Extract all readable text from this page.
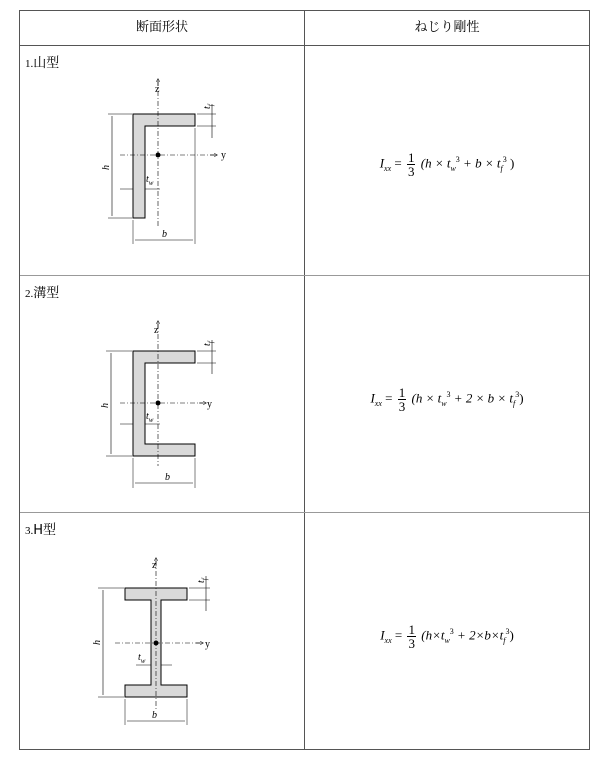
断面形状	ねじり剛性
1.山型
z
y
h
b
$t_w$
$t_f$
$I_{xx} = \frac{1}{3} (h \times t_w^3 + b \times t_f^3$ )
2.溝型
z
y
h
b
$t_w$
$t_f$
$I_{xx} = \frac{1}{3} (h \times t_w^3 + 2 \times b \times t_f^3)$
3.H型
z
y
h
b
$t_w$
$t_f$
$I_{xx} = \frac{1}{3} (h\times t_w^3 + 2\times b\times t_f^3)$
